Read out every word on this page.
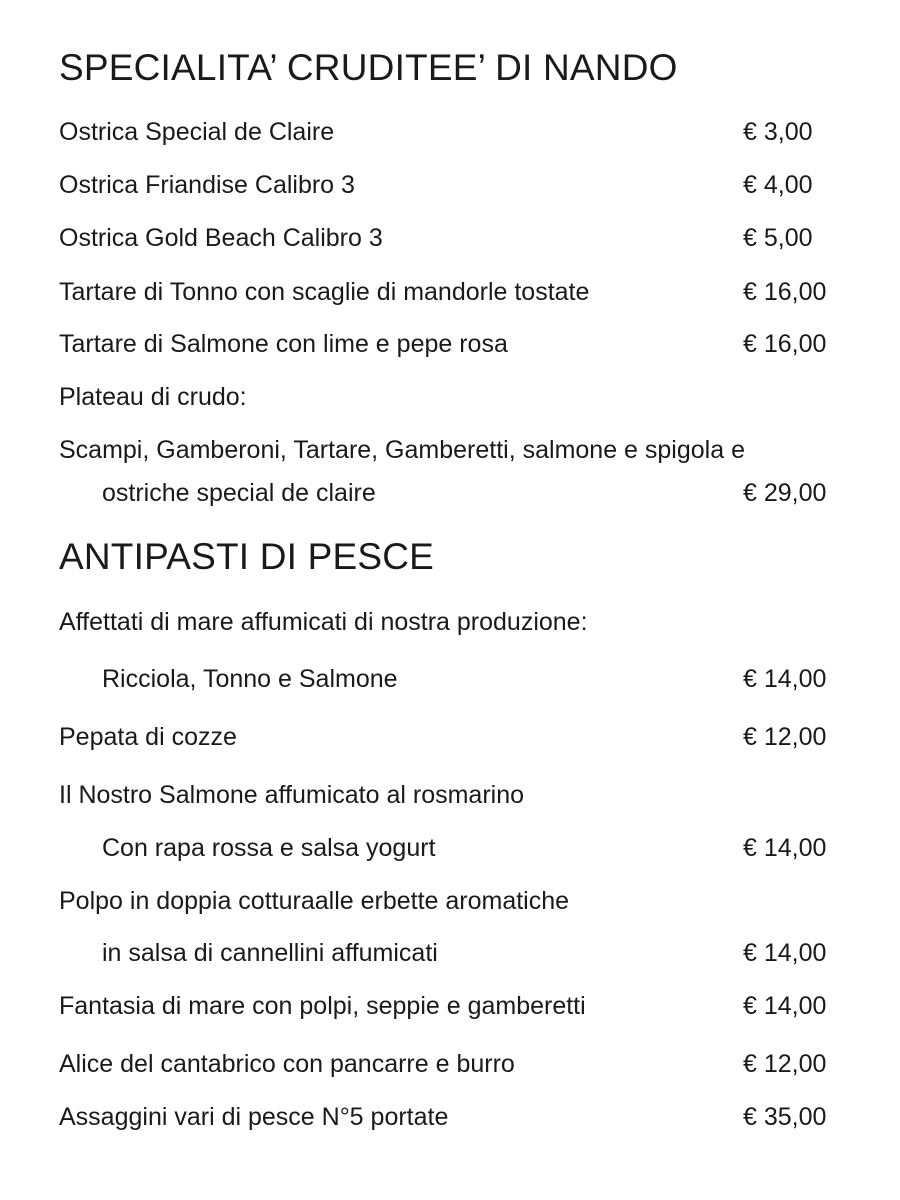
SPECIALITA’ CRUDITEE’ DI NANDO
Ostrica Special de Claire	€ 3,00
Ostrica Friandise Calibro 3	€ 4,00
Ostrica Gold Beach Calibro 3	€ 5,00
Tartare di Tonno con scaglie di mandorle tostate	€ 16,00
Tartare di Salmone con lime e pepe rosa	€ 16,00
Plateau di crudo:
Scampi, Gamberoni, Tartare, Gamberetti, salmone e spigola e
ostriche special de claire	€ 29,00
ANTIPASTI DI PESCE
Affettati di mare affumicati di nostra produzione:
Ricciola, Tonno e Salmone	€ 14,00
Pepata di cozze	€ 12,00
Il Nostro Salmone affumicato al rosmarino
Con rapa rossa e salsa yogurt	€ 14,00
Polpo in doppia cotturaalle erbette aromatiche
in salsa di cannellini affumicati	€ 14,00
Fantasia di mare con polpi, seppie e gamberetti	€ 14,00
Alice del cantabrico con pancarre e burro	€ 12,00
Assaggini vari di pesce N°5 portate	€ 35,00
